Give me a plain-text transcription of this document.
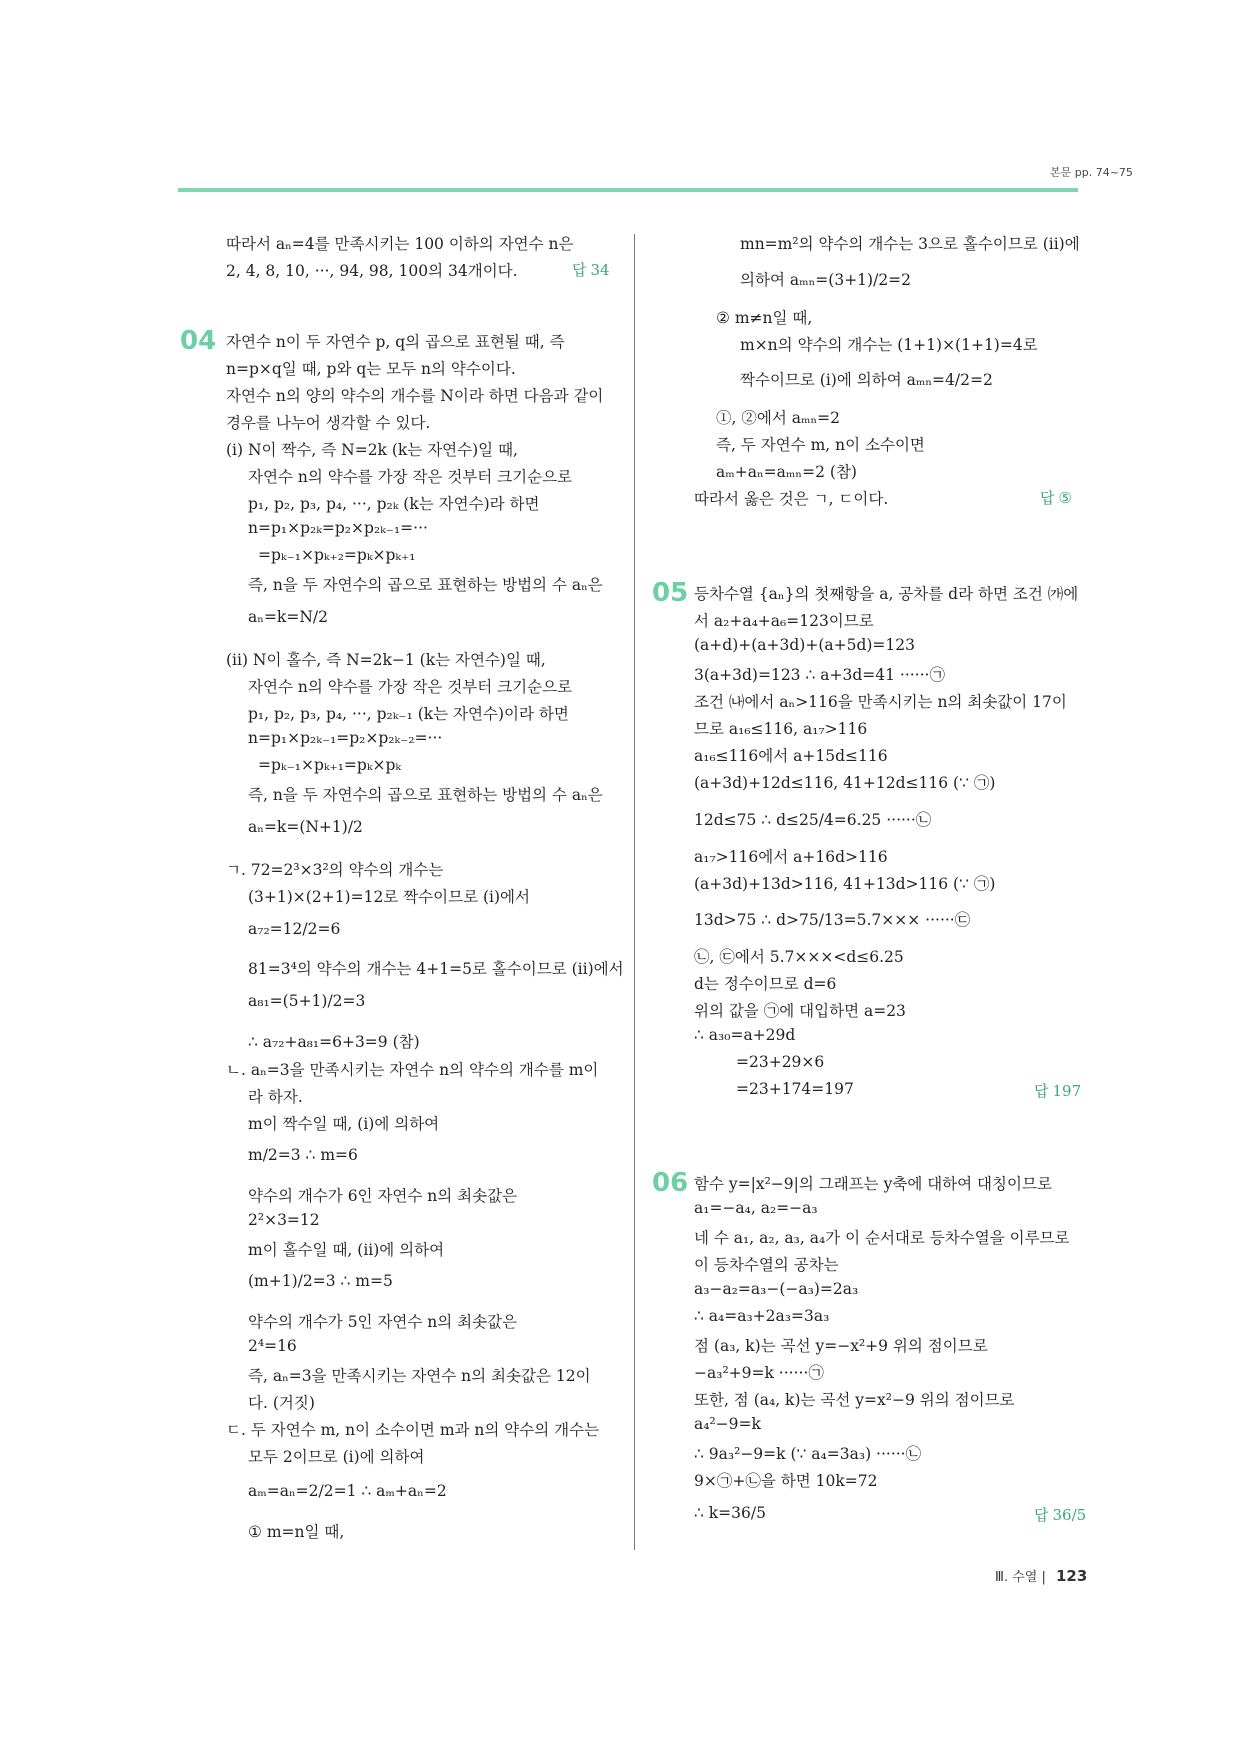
본문 pp. 74~75
04
05
06
따라서 aₙ=4를 만족시키는 100 이하의 자연수 n은
2, 4, 8, 10, ···, 94, 98, 100의 34개이다.
자연수 n이 두 자연수 p, q의 곱으로 표현될 때, 즉
n=p×q일 때, p와 q는 모두 n의 약수이다.
자연수 n의 양의 약수의 개수를 N이라 하면 다음과 같이
경우를 나누어 생각할 수 있다.
(i) N이 짝수, 즉 N=2k (k는 자연수)일 때,
자연수 n의 약수를 가장 작은 것부터 크기순으로
p₁, p₂, p₃, p₄, ···, p₂ₖ (k는 자연수)라 하면
n=p₁×p₂ₖ=p₂×p₂ₖ₋₁=···
=pₖ₋₁×pₖ₊₂=pₖ×pₖ₊₁
즉, n을 두 자연수의 곱으로 표현하는 방법의 수 aₙ은
aₙ=k=N/2
(ii) N이 홀수, 즉 N=2k−1 (k는 자연수)일 때,
자연수 n의 약수를 가장 작은 것부터 크기순으로
p₁, p₂, p₃, p₄, ···, p₂ₖ₋₁ (k는 자연수)이라 하면
n=p₁×p₂ₖ₋₁=p₂×p₂ₖ₋₂=···
=pₖ₋₁×pₖ₊₁=pₖ×pₖ
즉, n을 두 자연수의 곱으로 표현하는 방법의 수 aₙ은
aₙ=k=(N+1)/2
ㄱ. 72=2³×3²의 약수의 개수는
(3+1)×(2+1)=12로 짝수이므로 (i)에서
a₇₂=12/2=6
81=3⁴의 약수의 개수는 4+1=5로 홀수이므로 (ii)에서
a₈₁=(5+1)/2=3
∴ a₇₂+a₈₁=6+3=9 (참)
ㄴ. aₙ=3을 만족시키는 자연수 n의 약수의 개수를 m이
라 하자.
m이 짝수일 때, (i)에 의하여
m/2=3 ∴ m=6
약수의 개수가 6인 자연수 n의 최솟값은
2²×3=12
m이 홀수일 때, (ii)에 의하여
(m+1)/2=3 ∴ m=5
약수의 개수가 5인 자연수 n의 최솟값은
2⁴=16
즉, aₙ=3을 만족시키는 자연수 n의 최솟값은 12이
다. (거짓)
ㄷ. 두 자연수 m, n이 소수이면 m과 n의 약수의 개수는
모두 2이므로 (i)에 의하여
aₘ=aₙ=2/2=1 ∴ aₘ+aₙ=2
① m=n일 때,
답 34
mn=m²의 약수의 개수는 3으로 홀수이므로 (ii)에
의하여 aₘₙ=(3+1)/2=2
② m≠n일 때,
m×n의 약수의 개수는 (1+1)×(1+1)=4로
짝수이므로 (i)에 의하여 aₘₙ=4/2=2
①, ②에서 aₘₙ=2
즉, 두 자연수 m, n이 소수이면
aₘ+aₙ=aₘₙ=2 (참)
따라서 옳은 것은 ㄱ, ㄷ이다.
등차수열 {aₙ}의 첫째항을 a, 공차를 d라 하면 조건 ㈎에
서 a₂+a₄+a₆=123이므로
(a+d)+(a+3d)+(a+5d)=123
3(a+3d)=123 ∴ a+3d=41 ······㉠
조건 ㈏에서 aₙ>116을 만족시키는 n의 최솟값이 17이
므로 a₁₆≤116, a₁₇>116
a₁₆≤116에서 a+15d≤116
(a+3d)+12d≤116, 41+12d≤116 (∵ ㉠)
12d≤75 ∴ d≤25/4=6.25 ······㉡
a₁₇>116에서 a+16d>116
(a+3d)+13d>116, 41+13d>116 (∵ ㉠)
13d>75 ∴ d>75/13=5.7××× ······㉢
㉡, ㉢에서 5.7×××<d≤6.25
d는 정수이므로 d=6
위의 값을 ㉠에 대입하면 a=23
∴ a₃₀=a+29d
=23+29×6
=23+174=197
함수 y=|x²−9|의 그래프는 y축에 대하여 대칭이므로
a₁=−a₄, a₂=−a₃
네 수 a₁, a₂, a₃, a₄가 이 순서대로 등차수열을 이루므로
이 등차수열의 공차는
a₃−a₂=a₃−(−a₃)=2a₃
∴ a₄=a₃+2a₃=3a₃
점 (a₃, k)는 곡선 y=−x²+9 위의 점이므로
−a₃²+9=k ······㉠
또한, 점 (a₄, k)는 곡선 y=x²−9 위의 점이므로
a₄²−9=k
∴ 9a₃²−9=k (∵ a₄=3a₃) ······㉡
9×㉠+㉡을 하면 10k=72
∴ k=36/5
답 ⑤
답 197
답 36/5
Ⅲ. 수열 | 123
